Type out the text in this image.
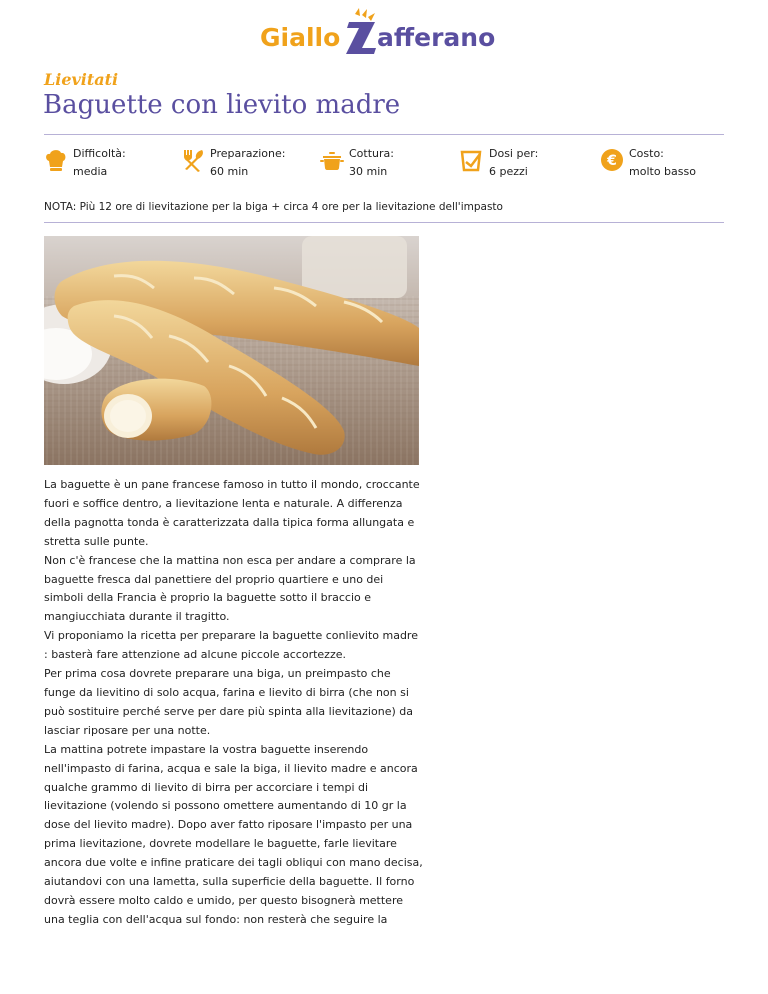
Giallo afferano
Lievitati
Baguette con lievito madre
Difficoltà:
media
Preparazione:
60 min
Cottura:
30 min
Dosi per:
6 pezzi
€ Costo:
molto basso
NOTA: Più 12 ore di lievitazione per la biga + circa 4 ore per la lievitazione dell'impasto

La baguette è un pane francese famoso in tutto il mondo, croccante fuori e soffice dentro, a lievitazione lenta e naturale. A differenza della pagnotta tonda è caratterizzata dalla tipica forma allungata e stretta sulle punte.

Non c'è francese che la mattina non esca per andare a comprare la baguette fresca dal panettiere del proprio quartiere e uno dei simboli della Francia è proprio la baguette sotto il braccio e mangiucchiata durante il tragitto.

Vi proponiamo la ricetta per preparare la baguette conlievito madre : basterà fare attenzione ad alcune piccole accortezze.

Per prima cosa dovrete preparare una biga, un preimpasto che funge da lievitino di solo acqua, farina e lievito di birra (che non si può sostituire perché serve per dare più spinta alla lievitazione) da lasciar riposare per una notte.

La mattina potrete impastare la vostra baguette inserendo nell'impasto di farina, acqua e sale la biga, il lievito madre e ancora qualche grammo di lievito di birra per accorciare i tempi di lievitazione (volendo si possono omettere aumentando di 10 gr la dose del lievito madre). Dopo aver fatto riposare l'impasto per una prima lievitazione, dovrete modellare le baguette, farle lievitare ancora due volte e infine praticare dei tagli obliqui con mano decisa, aiutandovi con una lametta, sulla superficie della baguette. Il forno dovrà essere molto caldo e umido, per questo bisognerà mettere una teglia con dell'acqua sul fondo: non resterà che seguire la
